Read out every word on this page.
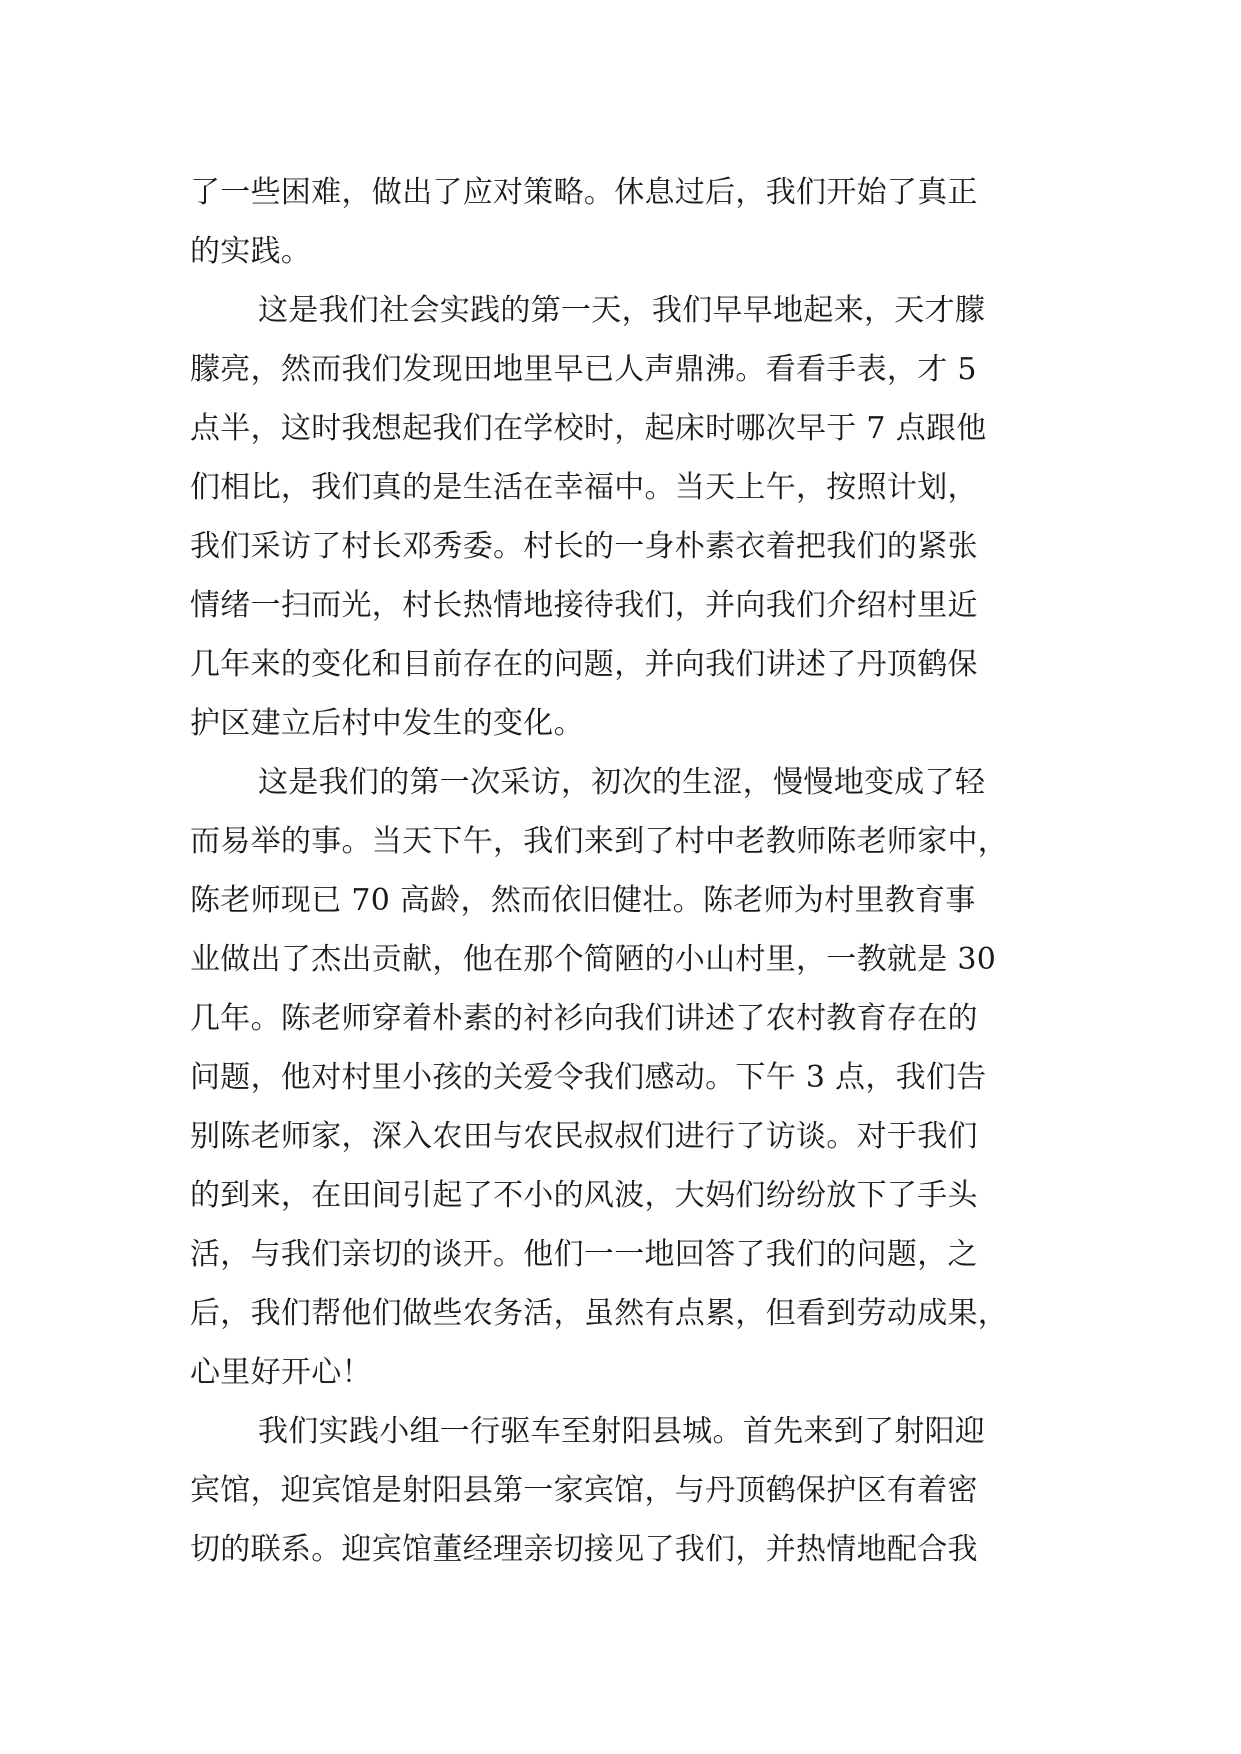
了一些困难，做出了应对策略。休息过后，我们开始了真正
的实践。
这是我们社会实践的第一天，我们早早地起来，天才朦
朦亮，然而我们发现田地里早已人声鼎沸。看看手表，才 5
点半，这时我想起我们在学校时，起床时哪次早于 7 点跟他
们相比，我们真的是生活在幸福中。当天上午，按照计划，
我们采访了村长邓秀委。村长的一身朴素衣着把我们的紧张
情绪一扫而光，村长热情地接待我们，并向我们介绍村里近
几年来的变化和目前存在的问题，并向我们讲述了丹顶鹤保
护区建立后村中发生的变化。
这是我们的第一次采访，初次的生涩，慢慢地变成了轻
而易举的事。当天下午，我们来到了村中老教师陈老师家中，
陈老师现已 70 高龄，然而依旧健壮。陈老师为村里教育事
业做出了杰出贡献，他在那个简陋的小山村里，一教就是 30
几年。陈老师穿着朴素的衬衫向我们讲述了农村教育存在的
问题，他对村里小孩的关爱令我们感动。下午 3 点，我们告
别陈老师家，深入农田与农民叔叔们进行了访谈。对于我们
的到来，在田间引起了不小的风波，大妈们纷纷放下了手头
活，与我们亲切的谈开。他们一一地回答了我们的问题，之
后，我们帮他们做些农务活，虽然有点累，但看到劳动成果，
心里好开心！
我们实践小组一行驱车至射阳县城。首先来到了射阳迎
宾馆，迎宾馆是射阳县第一家宾馆，与丹顶鹤保护区有着密
切的联系。迎宾馆董经理亲切接见了我们，并热情地配合我
